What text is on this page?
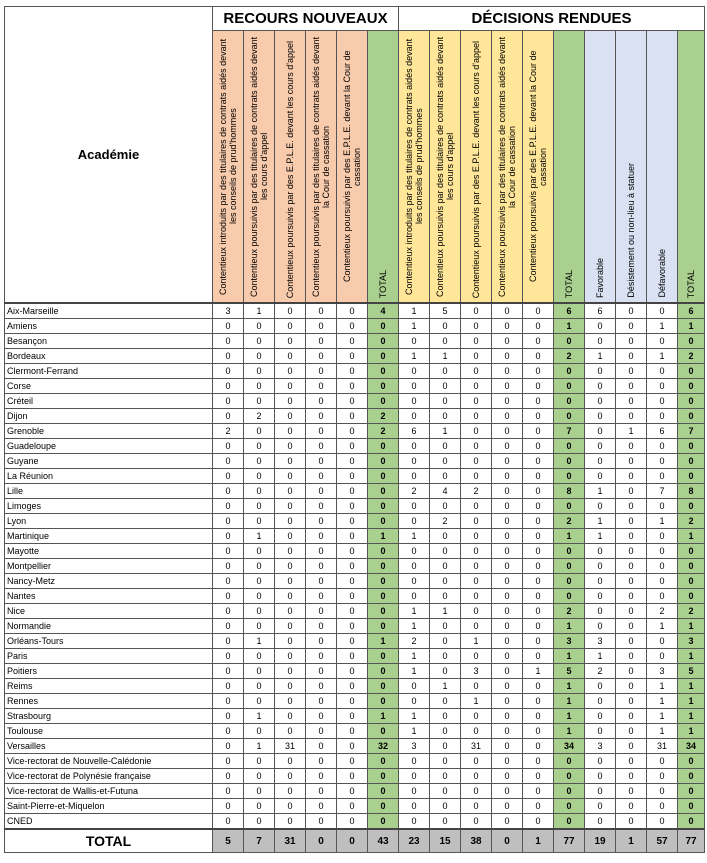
Académie	RECOURS NOUVEAUX						DÉCISIONS RENDUES									

	Contentieux introduits par des titulaires de contrats aidés devant les conseils de prud'hommes	Contentieux poursuivis par des titulaires de contrats aidés devant les cours d'appel	Contentieux poursuivis par des E.P.L.E. devant les cours d'appel	Contentieux poursuivis par des titulaires de contrats aidés devant la Cour de cassation	Contentieux poursuivis par des E.P.L.E. devant la Cour de cassation	TOTAL	Contentieux introduits par des titulaires de contrats aidés devant les conseils de prud'hommes	Contentieux poursuivis par des titulaires de contrats aidés devant les cours d'appel	Contentieux poursuivis par des E.P.L.E. devant les cours d'appel	Contentieux poursuivis par des titulaires de contrats aidés devant la Cour de cassation	Contentieux poursuivis par des E.P.L.E. devant la Cour de cassation	TOTAL	Favorable	Désistement ou non-lieu à statuer	Défavorable	TOTAL

Aix-Marseille	3	1	0	0	0	4	1	5	0	0	0	6	6	0	0	6
Amiens	0	0	0	0	0	0	1	0	0	0	0	1	0	0	1	1
Besançon	0	0	0	0	0	0	0	0	0	0	0	0	0	0	0	0
Bordeaux	0	0	0	0	0	0	1	1	0	0	0	2	1	0	1	2
Clermont-Ferrand	0	0	0	0	0	0	0	0	0	0	0	0	0	0	0	0
Corse	0	0	0	0	0	0	0	0	0	0	0	0	0	0	0	0
Créteil	0	0	0	0	0	0	0	0	0	0	0	0	0	0	0	0
Dijon	0	2	0	0	0	2	0	0	0	0	0	0	0	0	0	0
Grenoble	2	0	0	0	0	2	6	1	0	0	0	7	0	1	6	7
Guadeloupe	0	0	0	0	0	0	0	0	0	0	0	0	0	0	0	0
Guyane	0	0	0	0	0	0	0	0	0	0	0	0	0	0	0	0
La Réunion	0	0	0	0	0	0	0	0	0	0	0	0	0	0	0	0
Lille	0	0	0	0	0	0	2	4	2	0	0	8	1	0	7	8
Limoges	0	0	0	0	0	0	0	0	0	0	0	0	0	0	0	0
Lyon	0	0	0	0	0	0	0	2	0	0	0	2	1	0	1	2
Martinique	0	1	0	0	0	1	1	0	0	0	0	1	1	0	0	1
Mayotte	0	0	0	0	0	0	0	0	0	0	0	0	0	0	0	0
Montpellier	0	0	0	0	0	0	0	0	0	0	0	0	0	0	0	0
Nancy-Metz	0	0	0	0	0	0	0	0	0	0	0	0	0	0	0	0
Nantes	0	0	0	0	0	0	0	0	0	0	0	0	0	0	0	0
Nice	0	0	0	0	0	0	1	1	0	0	0	2	0	0	2	2
Normandie	0	0	0	0	0	0	1	0	0	0	0	1	0	0	1	1
Orléans-Tours	0	1	0	0	0	1	2	0	1	0	0	3	3	0	0	3
Paris	0	0	0	0	0	0	1	0	0	0	0	1	1	0	0	1
Poitiers	0	0	0	0	0	0	1	0	3	0	1	5	2	0	3	5
Reims	0	0	0	0	0	0	0	1	0	0	0	1	0	0	1	1
Rennes	0	0	0	0	0	0	0	0	1	0	0	1	0	0	1	1
Strasbourg	0	1	0	0	0	1	1	0	0	0	0	1	0	0	1	1
Toulouse	0	0	0	0	0	0	1	0	0	0	0	1	0	0	1	1
Versailles	0	1	31	0	0	32	3	0	31	0	0	34	3	0	31	34
Vice-rectorat de Nouvelle-Calédonie	0	0	0	0	0	0	0	0	0	0	0	0	0	0	0	0
Vice-rectorat de Polynésie française	0	0	0	0	0	0	0	0	0	0	0	0	0	0	0	0
Vice-rectorat de Wallis-et-Futuna	0	0	0	0	0	0	0	0	0	0	0	0	0	0	0	0
Saint-Pierre-et-Miquelon	0	0	0	0	0	0	0	0	0	0	0	0	0	0	0	0
CNED	0	0	0	0	0	0	0	0	0	0	0	0	0	0	0	0
TOTAL	5	7	31	0	0	43	23	15	38	0	1	77	19	1	57	77
